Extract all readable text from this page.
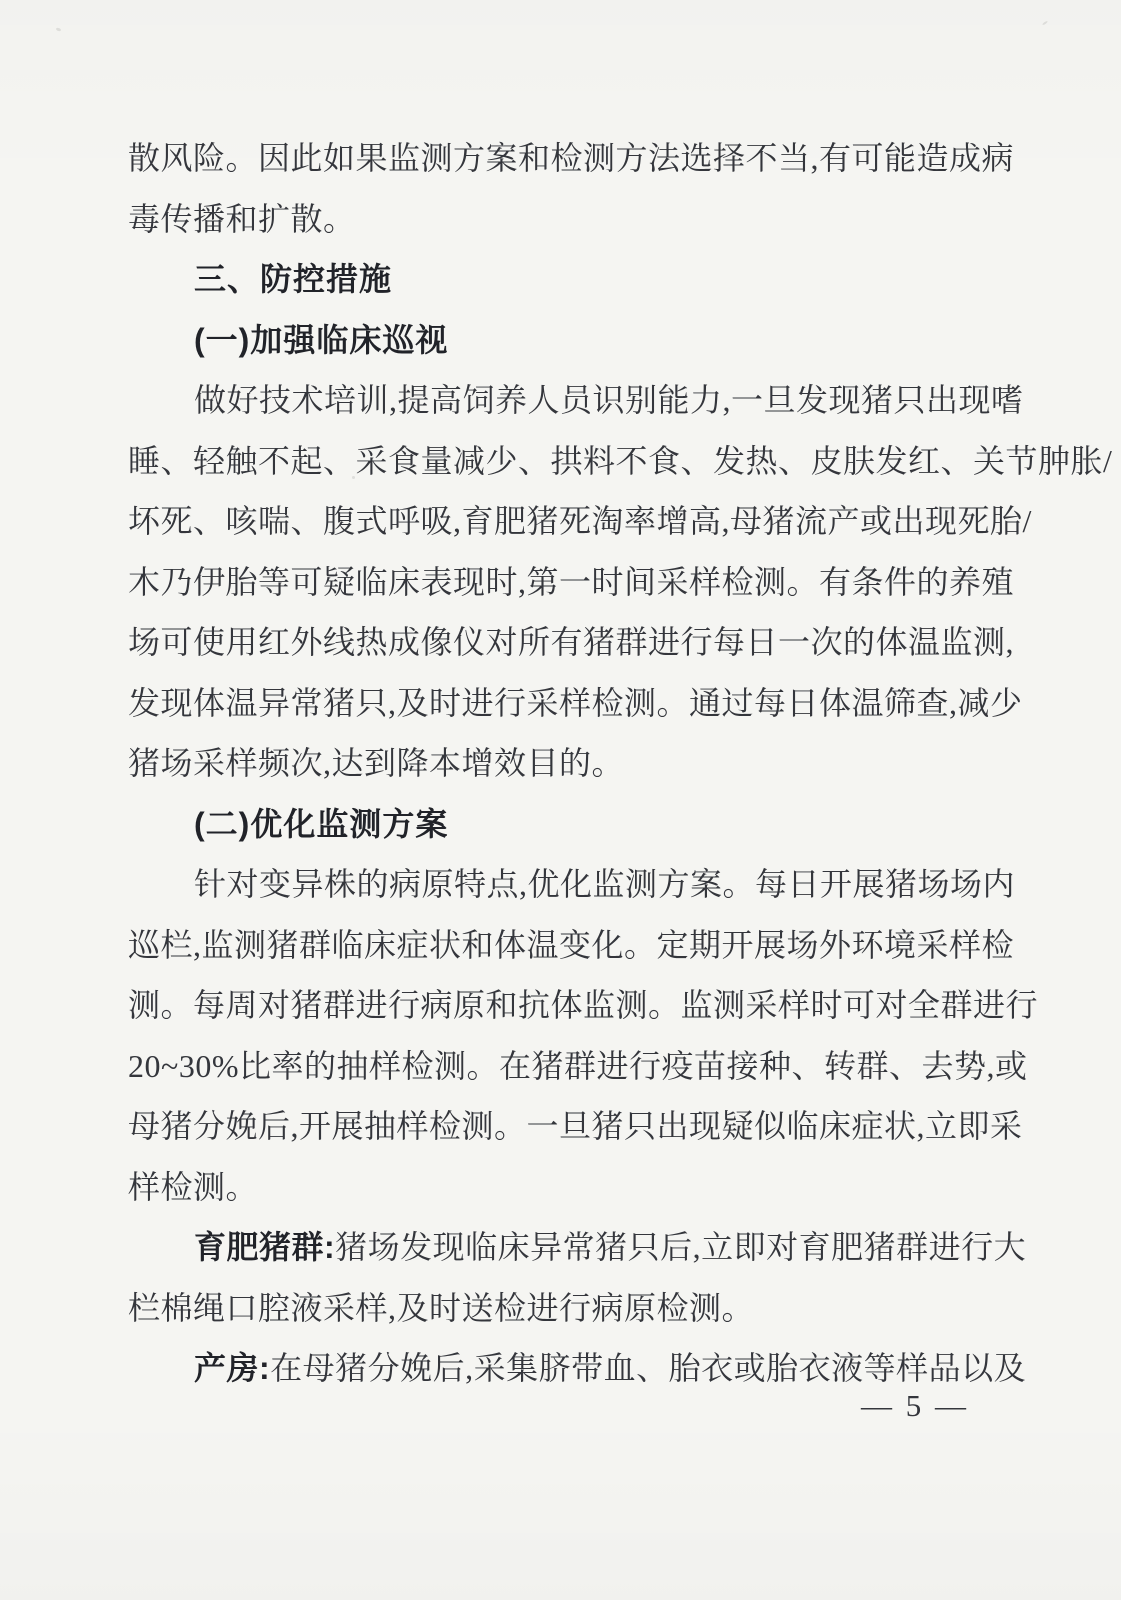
散风险。因此如果监测方案和检测方法选择不当,有可能造成病
毒传播和扩散。
三、防控措施
(一)加强临床巡视
做好技术培训,提高饲养人员识别能力,一旦发现猪只出现嗜
睡、轻触不起、采食量减少、拱料不食、发热、皮肤发红、关节肿胀/
坏死、咳喘、腹式呼吸,育肥猪死淘率增高,母猪流产或出现死胎/
木乃伊胎等可疑临床表现时,第一时间采样检测。有条件的养殖
场可使用红外线热成像仪对所有猪群进行每日一次的体温监测,
发现体温异常猪只,及时进行采样检测。通过每日体温筛查,减少
猪场采样频次,达到降本增效目的。
(二)优化监测方案
针对变异株的病原特点,优化监测方案。每日开展猪场场内
巡栏,监测猪群临床症状和体温变化。定期开展场外环境采样检
测。每周对猪群进行病原和抗体监测。监测采样时可对全群进行
20~30%比率的抽样检测。在猪群进行疫苗接种、转群、去势,或
母猪分娩后,开展抽样检测。一旦猪只出现疑似临床症状,立即采
样检测。
育肥猪群:猪场发现临床异常猪只后,立即对育肥猪群进行大
栏棉绳口腔液采样,及时送检进行病原检测。
产房:在母猪分娩后,采集脐带血、胎衣或胎衣液等样品以及
— 5 —
